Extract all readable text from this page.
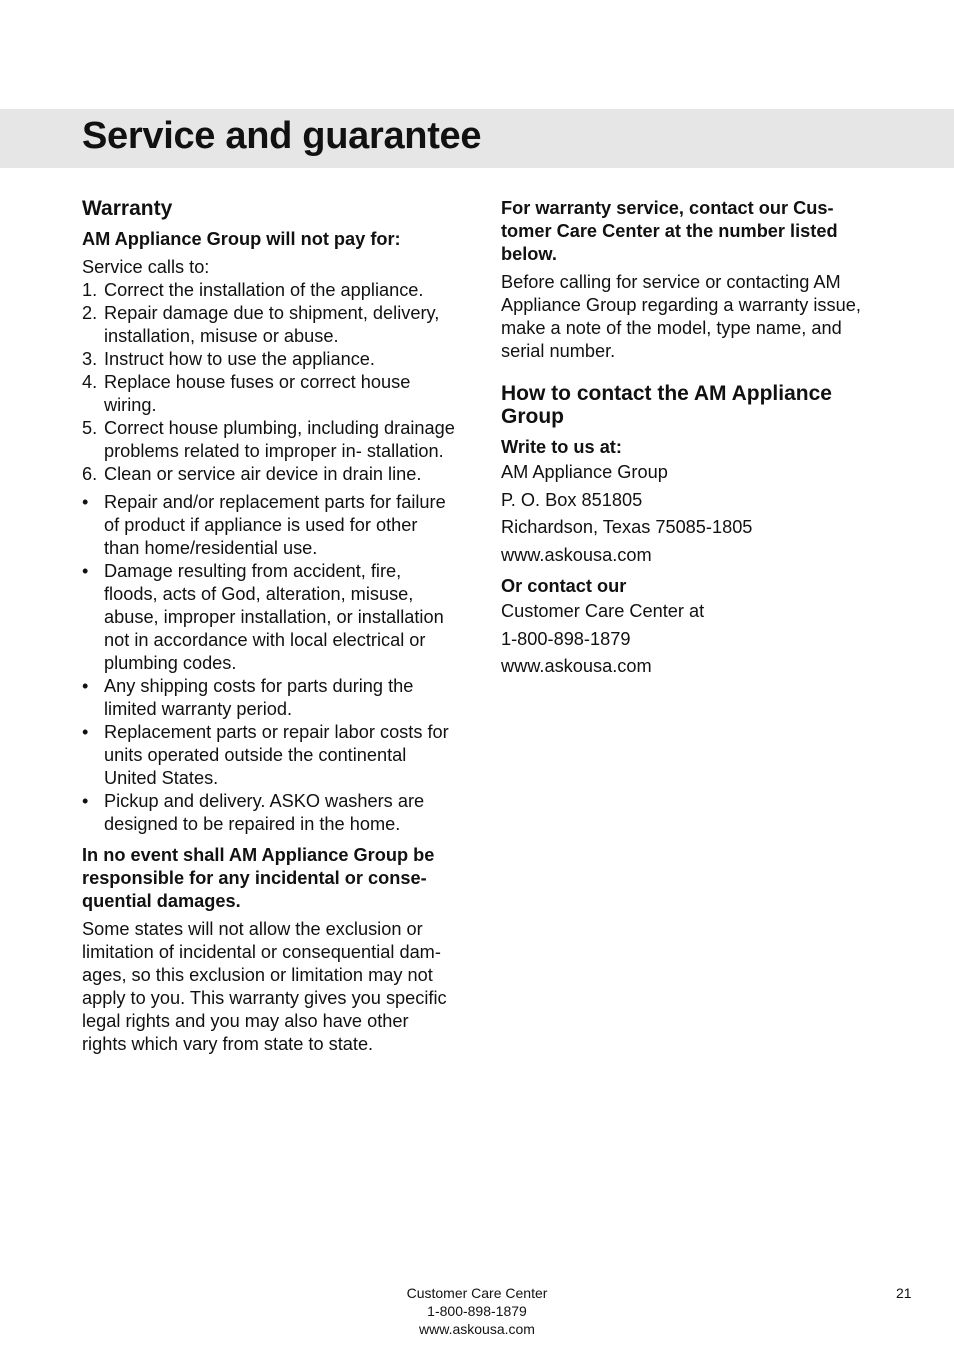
Service and guarantee
Warranty

AM Appliance Group will not pay for:

Service calls to:

1. Correct the installation of the appliance.
2. Repair damage due to shipment, delivery, installation, misuse or abuse.
3. Instruct how to use the appliance.
4. Replace house fuses or correct house wiring.
5. Correct house plumbing, including drainage problems related to improper in- stallation.
6. Clean or service air device in drain line.
• Repair and/or replacement parts for failure of product if appliance is used for other than home/residential use.
• Damage resulting from accident, fire, floods, acts of God, alteration, misuse, abuse, improper installation, or installation not in accordance with local electrical or plumbing codes.
• Any shipping costs for parts during the limited warranty period.
• Replacement parts or repair labor costs for units operated outside the continental United States.
• Pickup and delivery. ASKO washers are designed to be repaired in the home.

In no event shall AM Appliance Group be responsible for any incidental or conse- quential damages.

Some states will not allow the exclusion or limitation of incidental or consequential dam- ages, so this exclusion or limitation may not apply to you. This warranty gives you specific legal rights and you may also have other rights which vary from state to state.

For warranty service, contact our Cus- tomer Care Center at the number listed below.

Before calling for service or contacting AM Appliance Group regarding a warranty issue, make a note of the model, type name, and serial number.

How to contact the AM Appliance Group

Write to us at:

AM Appliance Group

P. O. Box 851805

Richardson, Texas 75085-1805

www.askousa.com

Or contact our

Customer Care Center at

1-800-898-1879

www.askousa.com

Customer Care Center

1-800-898-1879

www.askousa.com

21
